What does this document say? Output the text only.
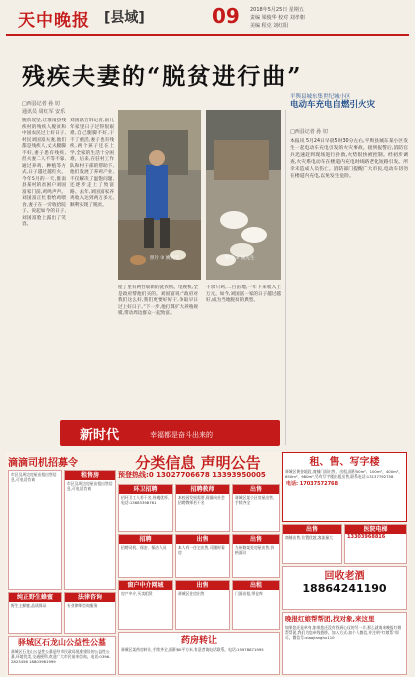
天中晚报 [县域]	09 2018年5月25日 星期五
责编 梁俊华 校对 刘孝朝
美编 程克 刘红阳
残疾夫妻的“脱贫进行曲”
□西县记者 孙 切
通讯员 周红军 安乐
脱贫攻坚,让淮南县残疾村的残疾人脱贫和中国农民过上好日子,村民刘国富夫妻,他们都是残疾人,丈夫腿脚不好,妻子患有残疾,但夫妻二人不等不靠,通过养鸡、种植等方式,日子越过越红火。今年5月的一天,淮南县某村的贫困户刘国富家门前,鸡鸣声声。刘国富正忙着给鸡喂食,妻子在一旁收拾院子。说起如今的日子,刘国富脸上露出了笑容。
刘国富告诉记者,前几年家里日子过得很艰难,自己腿脚不好,干不了重活,妻子也有残疾,两个孩子还在上学,全家的生活十分困难。后来,在驻村工作队和村干部的帮助下,他们发展了养鸡产业,不仅解决了温饱问题,还逐步走上了致富路。去年,刘国富家养鸡收入达到两万多元,顺利实现了脱贫。
照片 ③ 姚先生	照片 ③ 姚先生
屋了里有两台崭新的洗衣机、电视机,全是政府帮他们买的。刘国富说:“政府对我们这么好,我们更要好好干,争取早日过上好日子。”下一步,他打算扩大养殖规模,带动周边群众一起致富。
千余只鸡,二百亩地,一年下来收入上万元。如今,刘国富一家的日子越过越好,成为当地脱贫的典型。
平舆县城东集世纪城小区
电动车充电自燃引火灾
□西县记者 孙 切
本报讯 5月24日早晨5时30分左右,平舆县城东某小区发生一起电动车充电引发的火灾事故。接到报警后,消防官兵迅速赶到现场进行扑救,火势很快被控制。经初步调查,火灾系电动车在楼道内充电时线路老化短路引发。所幸未造成人员伤亡。消防部门提醒广大市民,电动车切勿在楼道内充电,以免发生危险。
新时代	幸福都是奋斗出来的
滴滴司机招募令	分类信息 声明公告
预登热线:0 13027706678 13393950005
租、售、写字楼
驿城区黄金地段,商铺门面出售、出租,面积50m²、100m²、400m²、650m²、980m²,另有写字楼出租出售,联系电话:13137792758
电话: 17037572768
市区及周边房屋出租出售信息,可电话咨询
租售房
市区及周边房屋出租出售信息,可电话咨询	环卫招聘
招环卫工人若干名,待遇优厚,电话:13683398761
招聘教师
本校因发展需要,现面向社会招聘教师若干名
出售
驿城区某小区房屋出售,手续齐全
招聘
招聘司机、保安、保洁人员
出售
本人有一住宅出售,可随时看房
出售
九州路某处房屋出售,价格面议
出售
商铺出售,位置优越,客流量大
医院电梯
13303968816
法律咨询
专业律师咨询服务
纯正野生蜂蜜
野生土蜂蜜,品质保证
窗户中介网城
房产中介,买卖租赁
出售
驿城区住房出售
出租
门面出租,带仓库
回收老酒
18864241190
驿城区石龙山公益性公墓
驿城区石龙山公益性公墓是经市民政局批准建设的公益性公墓,环境优美,交通便利,欢迎广大市民前来咨询。电话:0396-2823456 18803961999
药房转让
驿城区某药房转让,手续齐全,面积80平方米,有意者请电话联系。电话:15978871995
晚报红娘帮帮团,找对象,来这里
如果您还是单身,如果您还没有找到心仪的另一半,那么就请来晚报红娘帮帮团,我们为您牵线搭桥。加入方式:加个人微信,并注明“红娘帮”即可。微信号:xiaojianghu110
